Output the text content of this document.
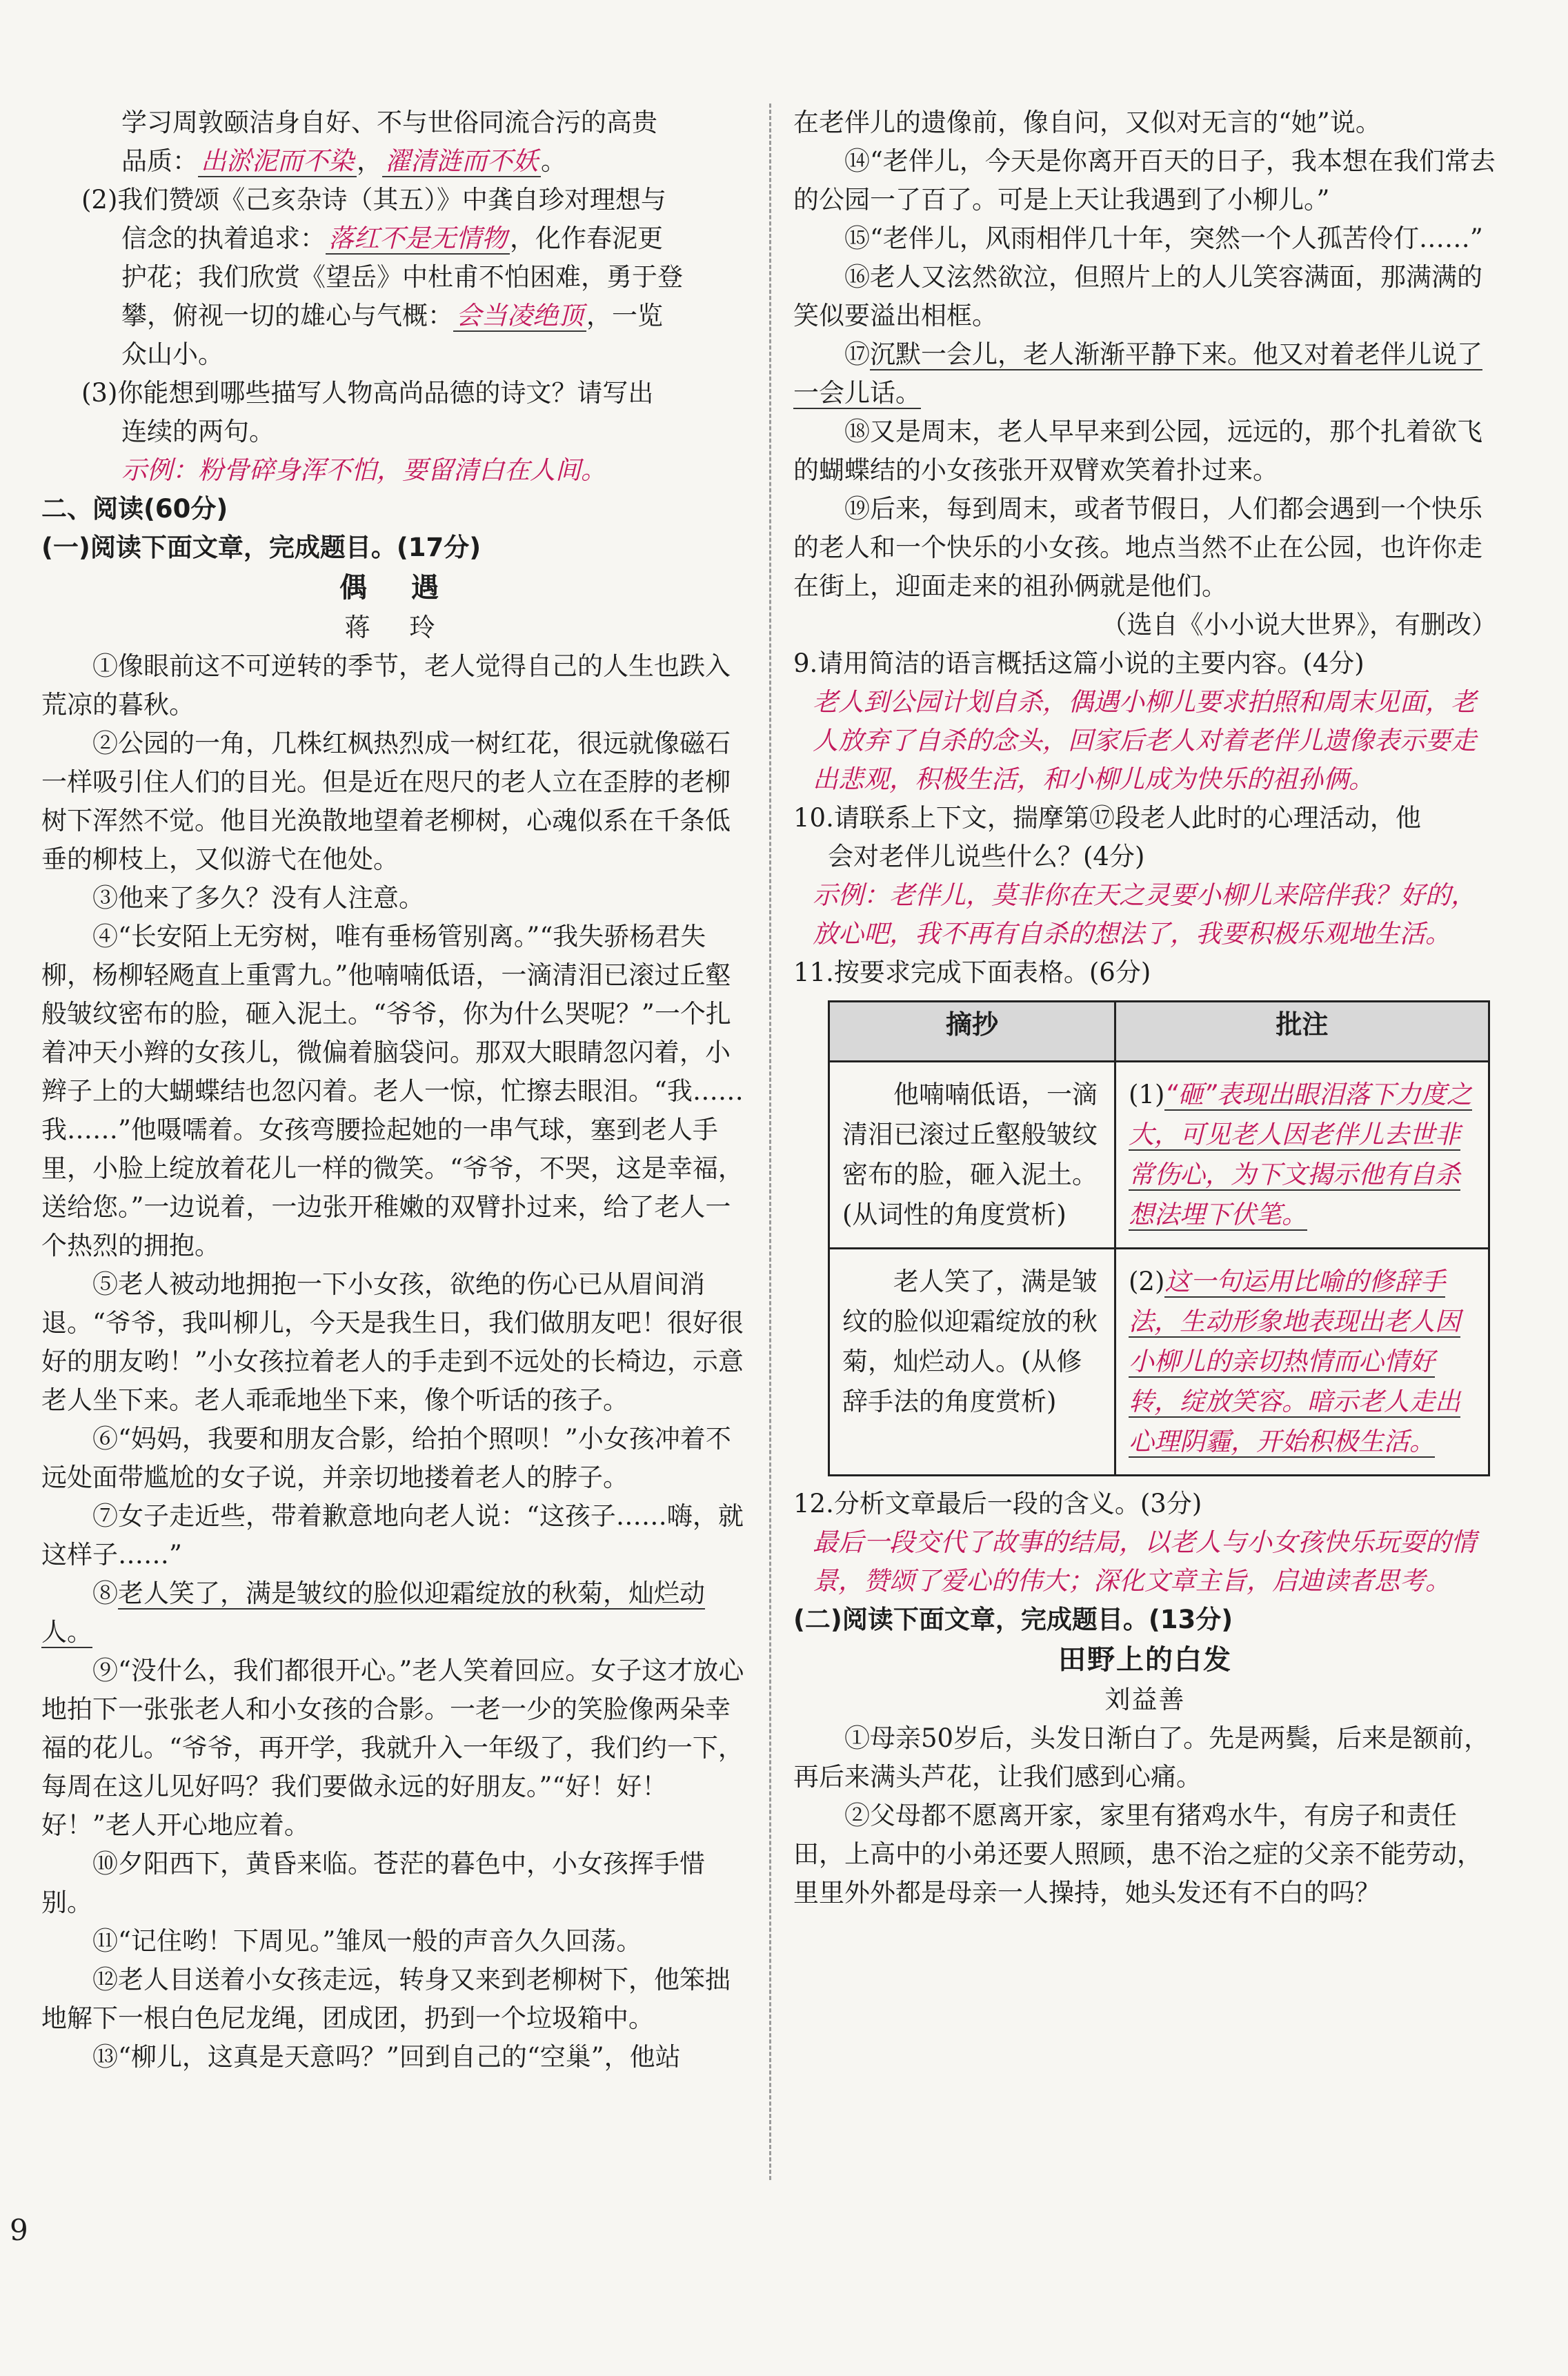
学习周敦颐洁身自好、不与世俗同流合污的高贵

品质： 出淤泥而不染 ， 濯清涟而不妖 。

(2)我们赞颂《己亥杂诗（其五）》中龚自珍对理想与

信念的执着追求： 落红不是无情物 ，化作春泥更

护花；我们欣赏《望岳》中杜甫不怕困难，勇于登

攀，俯视一切的雄心与气概： 会当凌绝顶 ，一览

众山小。

(3)你能想到哪些描写人物高尚品德的诗文？请写出

连续的两句。

示例：粉骨碎身浑不怕，要留清白在人间。

二、阅读(60分)

(一)阅读下面文章，完成题目。(17分)

偶　遇

蒋　玲

①像眼前这不可逆转的季节，老人觉得自己的人生也跌入荒凉的暮秋。

②公园的一角，几株红枫热烈成一树红花，很远就像磁石一样吸引住人们的目光。但是近在咫尺的老人立在歪脖的老柳树下浑然不觉。他目光涣散地望着老柳树，心魂似系在千条低垂的柳枝上，又似游弋在他处。

③他来了多久？没有人注意。

④“长安陌上无穷树，唯有垂杨管别离。”“我失骄杨君失柳，杨柳轻飏直上重霄九。”他喃喃低语，一滴清泪已滚过丘壑般皱纹密布的脸，砸入泥土。“爷爷，你为什么哭呢？”一个扎着冲天小辫的女孩儿，微偏着脑袋问。那双大眼睛忽闪着，小辫子上的大蝴蝶结也忽闪着。老人一惊，忙擦去眼泪。“我……我……”他嗫嚅着。女孩弯腰捡起她的一串气球，塞到老人手里，小脸上绽放着花儿一样的微笑。“爷爷，不哭，这是幸福，送给您。”一边说着，一边张开稚嫩的双臂扑过来，给了老人一个热烈的拥抱。

⑤老人被动地拥抱一下小女孩，欲绝的伤心已从眉间消退。“爷爷，我叫柳儿，今天是我生日，我们做朋友吧！很好很好的朋友哟！”小女孩拉着老人的手走到不远处的长椅边，示意老人坐下来。老人乖乖地坐下来，像个听话的孩子。

⑥“妈妈，我要和朋友合影，给拍个照呗！”小女孩冲着不远处面带尴尬的女子说，并亲切地搂着老人的脖子。

⑦女子走近些，带着歉意地向老人说：“这孩子……嗨，就这样子……”

⑧老人笑了，满是皱纹的脸似迎霜绽放的秋菊，灿烂动人。

⑨“没什么，我们都很开心。”老人笑着回应。女子这才放心地拍下一张张老人和小女孩的合影。一老一少的笑脸像两朵幸福的花儿。“爷爷，再开学，我就升入一年级了，我们约一下，每周在这儿见好吗？我们要做永远的好朋友。”“好！好！好！”老人开心地应着。

⑩夕阳西下，黄昏来临。苍茫的暮色中，小女孩挥手惜别。

⑪“记住哟！下周见。”雏凤一般的声音久久回荡。

⑫老人目送着小女孩走远，转身又来到老柳树下，他笨拙地解下一根白色尼龙绳，团成团，扔到一个垃圾箱中。

⑬“柳儿，这真是天意吗？”回到自己的“空巢”，他站

在老伴儿的遗像前，像自问，又似对无言的“她”说。

⑭“老伴儿，今天是你离开百天的日子，我本想在我们常去的公园一了百了。可是上天让我遇到了小柳儿。”

⑮“老伴儿，风雨相伴几十年，突然一个人孤苦伶仃……”

⑯老人又泫然欲泣，但照片上的人儿笑容满面，那满满的笑似要溢出相框。

⑰沉默一会儿，老人渐渐平静下来。他又对着老伴儿说了一会儿话。

⑱又是周末，老人早早来到公园，远远的，那个扎着欲飞的蝴蝶结的小女孩张开双臂欢笑着扑过来。

⑲后来，每到周末，或者节假日，人们都会遇到一个快乐的老人和一个快乐的小女孩。地点当然不止在公园，也许你走在街上，迎面走来的祖孙俩就是他们。

（选自《小小说大世界》，有删改）

9.请用简洁的语言概括这篇小说的主要内容。(4分)

老人到公园计划自杀，偶遇小柳儿要求拍照和周末见面，老人放弃了自杀的念头，回家后老人对着老伴儿遗像表示要走出悲观，积极生活，和小柳儿成为快乐的祖孙俩。

10.请联系上下文，揣摩第⑰段老人此时的心理活动，他

会对老伴儿说些什么？(4分)

示例：老伴儿，莫非你在天之灵要小柳儿来陪伴我？好的，放心吧，我不再有自杀的想法了，我要积极乐观地生活。

11.按要求完成下面表格。(6分)

摘抄	批注

他喃喃低语，一滴清泪已滚过丘壑般皱纹密布的脸，砸入泥土。(从词性的角度赏析)	(1)“砸”表现出眼泪落下力度之大，可见老人因老伴儿去世非常伤心，为下文揭示他有自杀想法埋下伏笔。

老人笑了，满是皱纹的脸似迎霜绽放的秋菊，灿烂动人。(从修辞手法的角度赏析)	(2)这一句运用比喻的修辞手法，生动形象地表现出老人因小柳儿的亲切热情而心情好转，绽放笑容。暗示老人走出心理阴霾，开始积极生活。

12.分析文章最后一段的含义。(3分)

最后一段交代了故事的结局，以老人与小女孩快乐玩耍的情景，赞颂了爱心的伟大；深化文章主旨，启迪读者思考。

(二)阅读下面文章，完成题目。(13分)

田野上的白发

刘益善

①母亲50岁后，头发日渐白了。先是两鬓，后来是额前，再后来满头芦花，让我们感到心痛。

②父母都不愿离开家，家里有猪鸡水牛，有房子和责任田，上高中的小弟还要人照顾，患不治之症的父亲不能劳动，里里外外都是母亲一人操持，她头发还有不白的吗？

9
